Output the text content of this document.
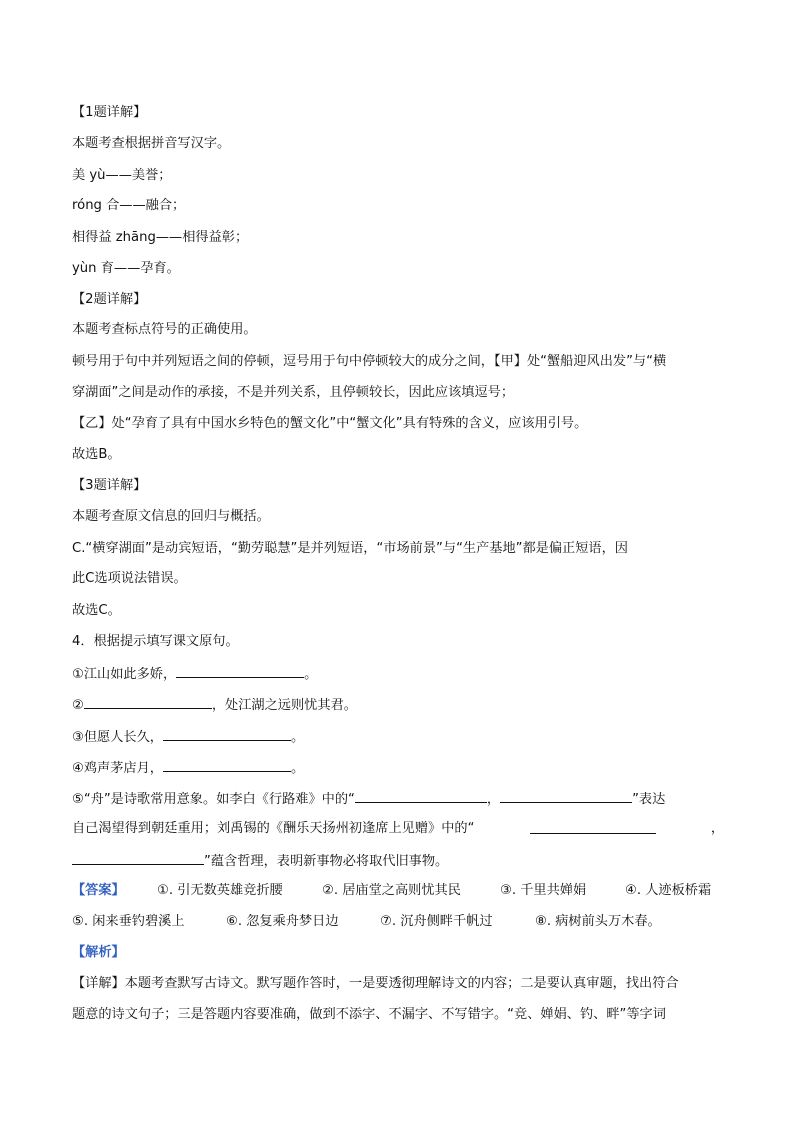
【1题详解】
本题考查根据拼音写汉字。
美 yù——美誉；
róng 合——融合；
相得益 zhāng——相得益彰；
yùn 育——孕育。
【2题详解】
本题考查标点符号的正确使用。
顿号用于句中并列短语之间的停顿，逗号用于句中停顿较大的成分之间，【甲】处“蟹船迎风出发”与“横
穿湖面”之间是动作的承接，不是并列关系，且停顿较长，因此应该填逗号；
【乙】处“孕育了具有中国水乡特色的蟹文化”中“蟹文化”具有特殊的含义，应该用引号。
故选B。
【3题详解】
本题考查原文信息的回归与概括。
C.“横穿湖面”是动宾短语，“勤劳聪慧”是并列短语，“市场前景”与“生产基地”都是偏正短语，因
此C选项说法错误。
故选C。
4．根据提示填写课文原句。
①江山如此多娇，	。
②	，处江湖之远则忧其君。
③但愿人长久，	。
④鸡声茅店月，	。
⑤“舟”是诗歌常用意象。如李白《行路难》中的“	，	”表达
自己渴望得到朝廷重用；刘禹锡的《酬乐天扬州初逢席上见赠》中的“	，
”蕴含哲理，表明新事物必将取代旧事物。
【答案】 ①. 引无数英雄竞折腰	②. 居庙堂之高则忧其民	③. 千里共婵娟	④. 人迹板桥霜
⑤. 闲来垂钓碧溪上	⑥. 忽复乘舟梦日边	⑦. 沉舟侧畔千帆过	⑧. 病树前头万木春。
【解析】
【详解】本题考查默写古诗文。默写题作答时，一是要透彻理解诗文的内容；二是要认真审题，找出符合
题意的诗文句子；三是答题内容要准确，做到不添字、不漏字、不写错字。“竞、婵娟、钓、畔”等字词
